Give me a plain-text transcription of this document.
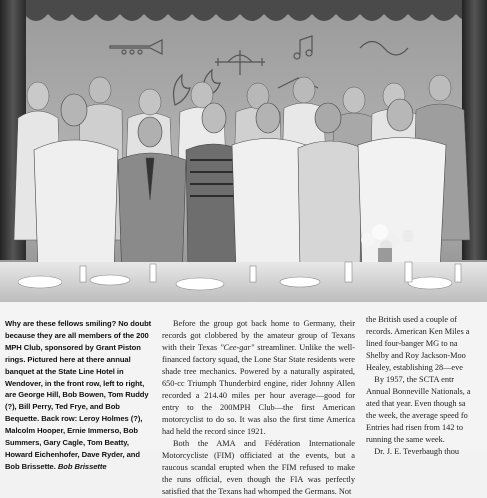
Why are these fellows smiling? No doubt because they are all members of the 200 MPH Club, sponsored by Grant Piston rings. Pictured here at there annual banquet at the State Line Hotel in Wendover, in the front row, left to right, are George Hill, Bob Bowen, Tom Ruddy (?), Bill Perry, Ted Frye, and Bob Bequette. Back row: Leroy Holmes (?), Malcolm Hooper, Ernie Immerso, Bob Summers, Gary Cagle, Tom Beatty, Howard Eichenhofer, Dave Ryder, and Bob Brissette. Bob Brissette

Before the group got back home to Germany, their records got clobbered by the amateur group of Texans with their Texas "Cee-gar" streamliner. Unlike the well-financed factory squad, the Lone Star State residents were shade tree mechanics. Powered by a naturally aspirated, 650-cc Triumph Thunderbird engine, rider Johnny Allen recorded a 214.40 miles per hour average—good for entry to the 200MPH Club—the first American motorcyclist to do so. It was also the first time America had held the record since 1921.

Both the AMA and Fédération Internationale Motorcycliste (FIM) officiated at the events, but a raucous scandal erupted when the FIM refused to make the runs official, even though the FIA was perfectly satisfied that the Texans had whomped the Germans. Not

the British used a couple of
records. American Ken Miles a
lined four-banger MG to na
Shelby and Roy Jackson-Moo
Healey, establishing 28—eve
By 1957, the SCTA entr
Annual Bonneville Nationals, a
ated that year. Even though sa
the week, the average speed fo
Entries had risen from 142 to
running the same week.
Dr. J. E. Teverbaugh thou
